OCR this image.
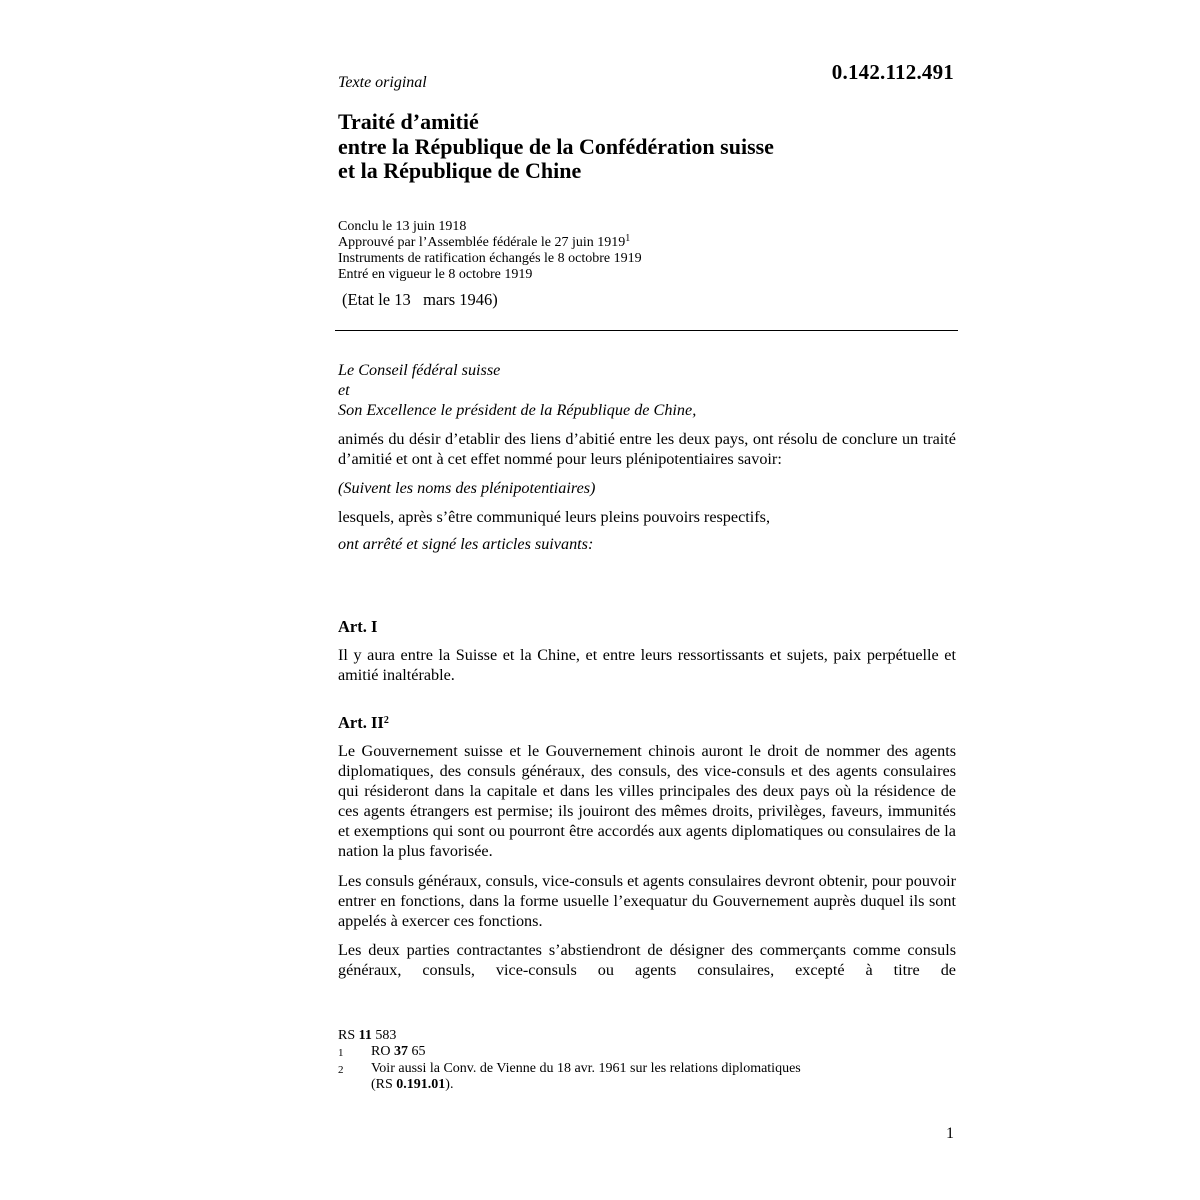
Texte original	0.142.112.491
Traité d’amitié
entre la République de la Confédération suisse
et la République de Chine
Conclu le 13 juin 1918
Approuvé par l’Assemblée fédérale le 27 juin 1919$^1$
Instruments de ratification échangés le 8 octobre 1919
Entré en vigueur le 8 octobre 1919
(Etat le 13   mars 1946)
Le Conseil fédéral suisse
et
Son Excellence le président de la République de Chine,
animés du désir d’etablir des liens d’abitié entre les deux pays, ont résolu de conclure un traité d’amitié et ont à cet effet nommé pour leurs plénipotentiaires savoir:
(Suivent les noms des plénipotentiaires)
lesquels, après s’être communiqué leurs pleins pouvoirs respectifs,
ont arrêté et signé les articles suivants:
Art. I
Il y aura entre la Suisse et la Chine, et entre leurs ressortissants et sujets, paix perpétuelle et amitié inaltérable.
Art. $II^2$
Le Gouvernement suisse et le Gouvernement chinois auront le droit de nommer des agents diplomatiques, des consuls généraux, des consuls, des vice-consuls et des agents consulaires qui résideront dans la capitale et dans les villes principales des deux pays où la résidence de ces agents étrangers est permise; ils jouiront des mêmes droits, privilèges, faveurs, immunités et exemptions qui sont ou pourront être accordés aux agents diplomatiques ou consulaires de la nation la plus favorisée.
Les consuls généraux, consuls, vice-consuls et agents consulaires devront obtenir, pour pouvoir entrer en fonctions, dans la forme usuelle l’exequatur du Gouvernement auprès duquel ils sont appelés à exercer ces fonctions.
Les deux parties contractantes s’abstiendront de désigner des commerçants comme consuls généraux, consuls, vice-consuls ou agents consulaires, excepté à titre de
RS 11 583
1	RO 37 65
2	Voir aussi la Conv. de Vienne du 18 avr. 1961 sur les relations diplomatiques
(RS 0.191.01).
1
